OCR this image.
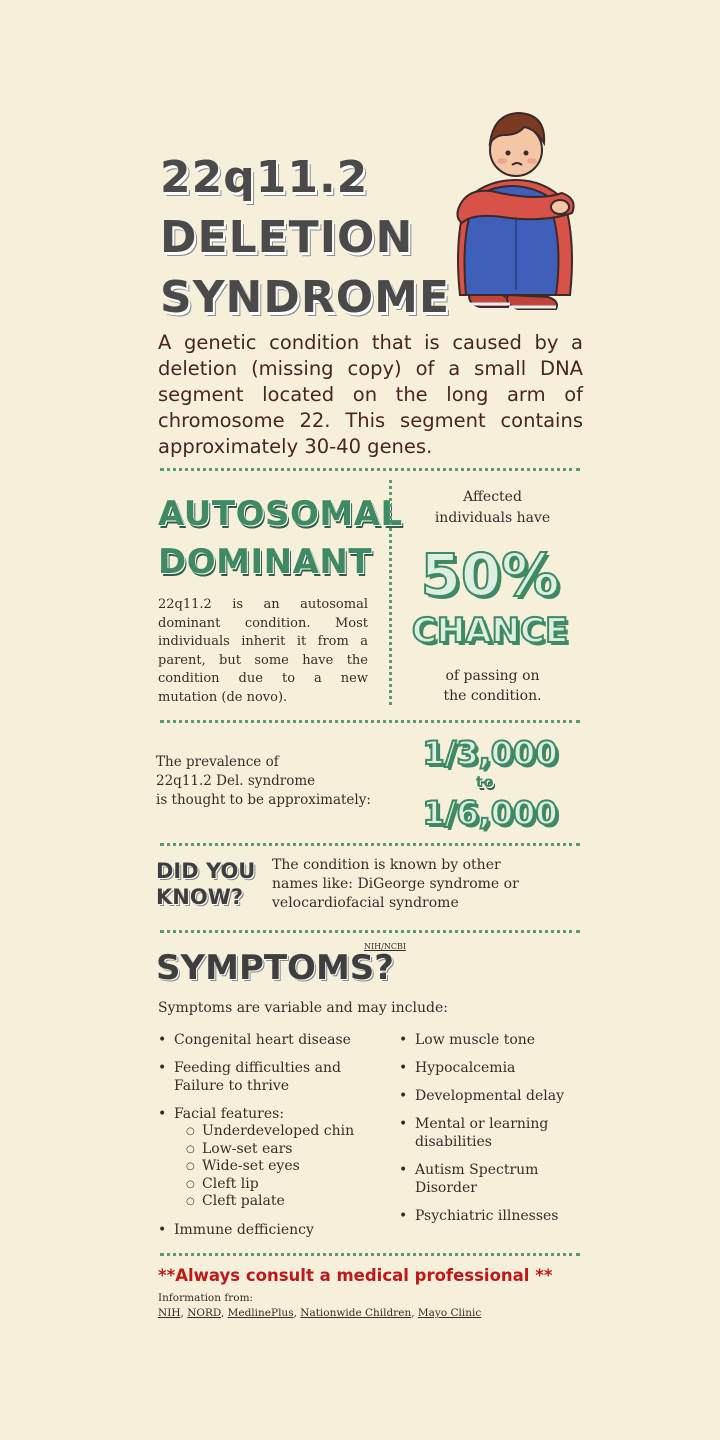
22q11.2
DELETION
SYNDROME
A genetic condition that is caused by a deletion (missing copy) of a small DNA segment located on the long arm of chromosome 22. This segment contains approximately 30-40 genes.
AUTOSOMAL
DOMINANT
22q11.2 is an autosomal dominant condition. Most individuals inherit it from a parent, but some have the condition due to a new mutation (de novo).
Affected
individuals have
50%
CHANCE
of passing on
the condition.
The prevalence of
22q11.2 Del. syndrome
is thought to be approximately:
1/3,000
to
1/6,000
DID YOU
KNOW?
The condition is known by other
names like: DiGeorge syndrome or
velocardiofacial syndrome
SYMPTOMS?
NIH/NCBI
Symptoms are variable and may include:
• Congenital heart disease
• Feeding difficulties and Failure to thrive
• Facial features:
○ Underdeveloped chin
○ Low-set ears
○ Wide-set eyes
○ Cleft lip
○ Cleft palate
• Immune defficiency
• Low muscle tone
• Hypocalcemia
• Developmental delay
• Mental or learning disabilities
• Autism Spectrum Disorder
• Psychiatric illnesses
**Always consult a medical professional **
Information from:
NIH, NORD, MedlinePlus, Nationwide Children, Mayo Clinic
